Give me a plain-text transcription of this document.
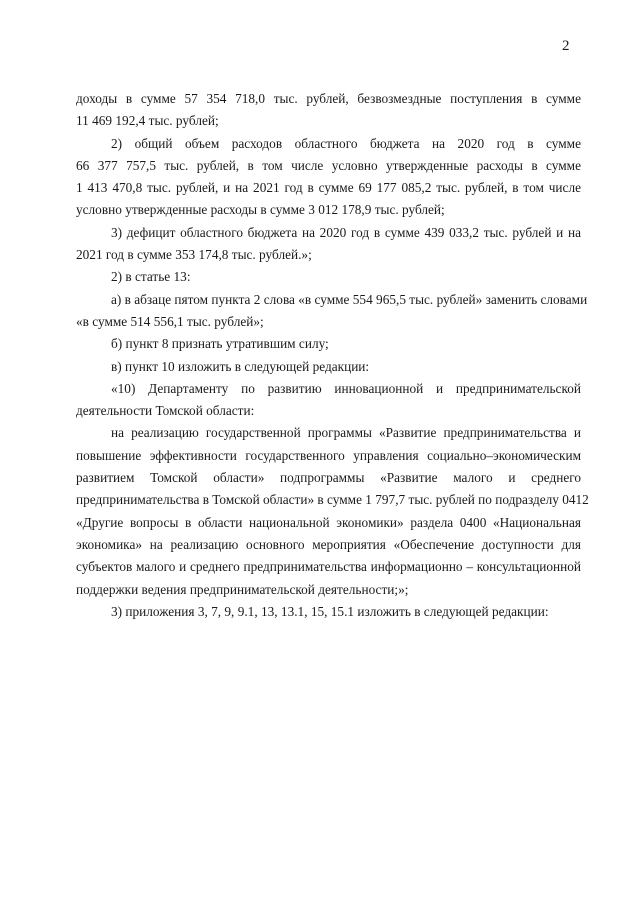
2

доходы в сумме 57 354 718,0 тыс. рублей, безвозмездные поступления в сумме
11 469 192,4 тыс. рублей;

2) общий объем расходов областного бюджета на 2020 год в сумме
66 377 757,5 тыс. рублей, в том числе условно утвержденные расходы в сумме
1 413 470,8 тыс. рублей, и на 2021 год в сумме 69 177 085,2 тыс. рублей, в том числе
условно утвержденные расходы в сумме 3 012 178,9 тыс. рублей;

3) дефицит областного бюджета на 2020 год в сумме 439 033,2 тыс. рублей и на
2021 год в сумме 353 174,8 тыс. рублей.»;

2) в статье 13:

а) в абзаце пятом пункта 2 слова «в сумме 554 965,5 тыс. рублей» заменить словами
«в сумме 514 556,1 тыс. рублей»;

б) пункт 8 признать утратившим силу;

в) пункт 10 изложить в следующей редакции:

«10) Департаменту по развитию инновационной и предпринимательской
деятельности Томской области:

на реализацию государственной программы «Развитие предпринимательства и
повышение эффективности государственного управления социально–экономическим
развитием Томской области» подпрограммы «Развитие малого и среднего
предпринимательства в Томской области» в сумме 1 797,7 тыс. рублей по подразделу 0412
«Другие вопросы в области национальной экономики» раздела 0400 «Национальная
экономика» на реализацию основного мероприятия «Обеспечение доступности для
субъектов малого и среднего предпринимательства информационно – консультационной
поддержки ведения предпринимательской деятельности;»;

3) приложения 3, 7, 9, 9.1, 13, 13.1, 15, 15.1 изложить в следующей редакции:
